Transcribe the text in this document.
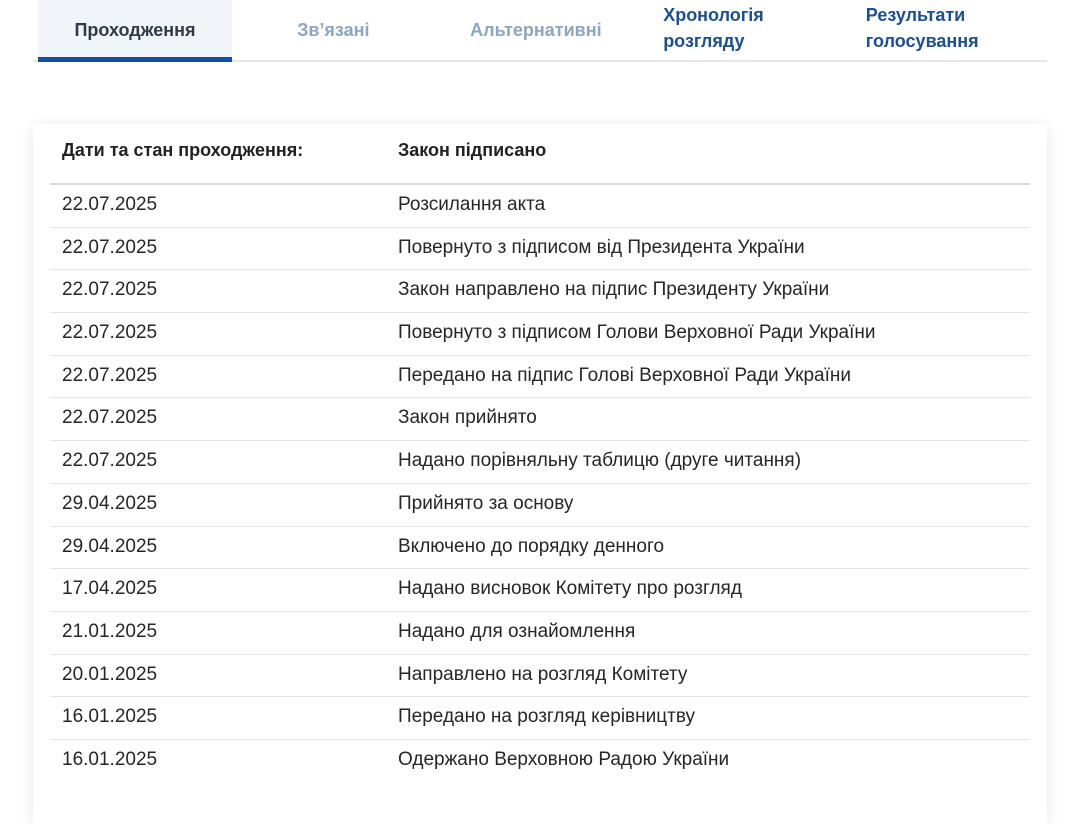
Проходження	Зв’язані	Альтернативні
Хронологія
розгляду
Результати
голосування
Дати та стан проходження:	Закон підписано
22.07.2025	Розсилання акта
22.07.2025	Повернуто з підписом від Президента України
22.07.2025	Закон направлено на підпис Президенту України
22.07.2025	Повернуто з підписом Голови Верховної Ради України
22.07.2025	Передано на підпис Голові Верховної Ради України
22.07.2025	Закон прийнято
22.07.2025	Надано порівняльну таблицю (друге читання)
29.04.2025	Прийнято за основу
29.04.2025	Включено до порядку денного
17.04.2025	Надано висновок Комітету про розгляд
21.01.2025	Надано для ознайомлення
20.01.2025	Направлено на розгляд Комітету
16.01.2025	Передано на розгляд керівництву
16.01.2025	Одержано Верховною Радою України
